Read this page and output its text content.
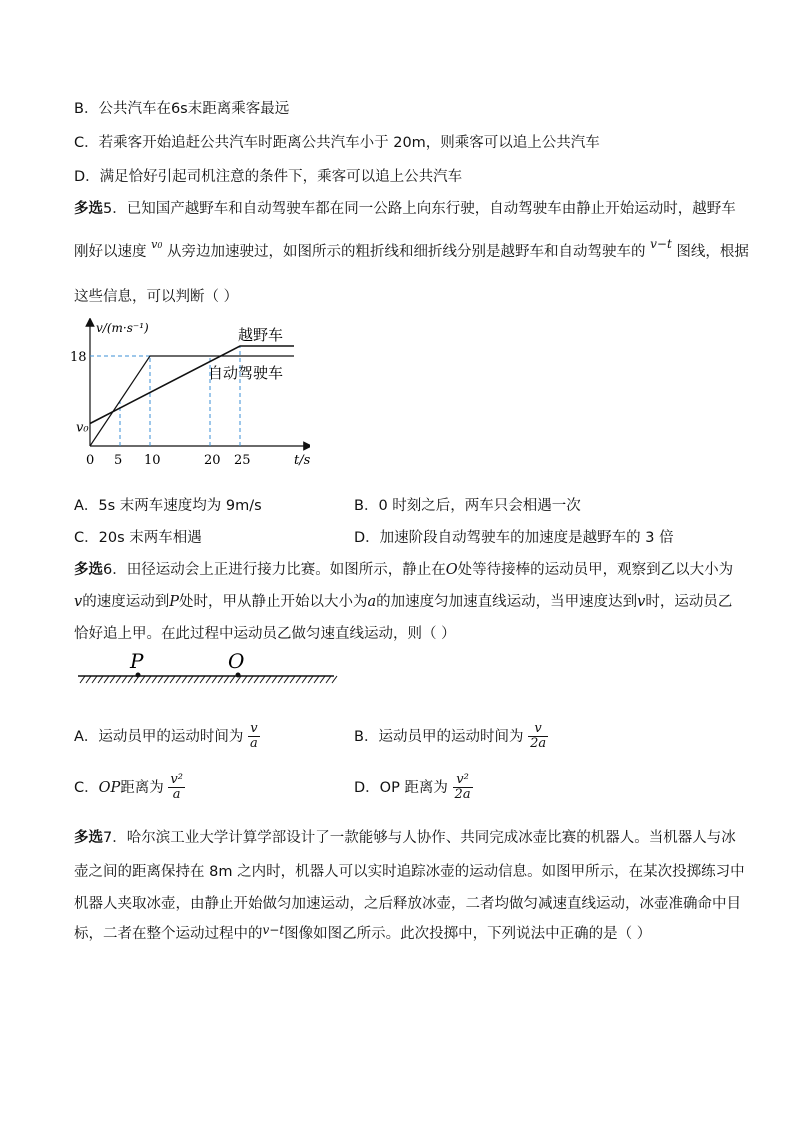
B．公共汽车在6s末距离乘客最远
C．若乘客开始追赶公共汽车时距离公共汽车小于 20m，则乘客可以追上公共汽车
D．满足恰好引起司机注意的条件下，乘客可以追上公共汽车
多选5．已知国产越野车和自动驾驶车都在同一公路上向东行驶，自动驾驶车由静止开始运动时，越野车
刚好以速度 $^{v0}$ 从旁边加速驶过，如图所示的粗折线和细折线分别是越野车和自动驾驶车的 $^{v-t}$ 图线，根据
这些信息，可以判断（ ）
越野车
自动驾驶车
v/(m·s⁻¹)
t/s
0 5 10	20 25
18
v₀
A．5s 末两车速度均为 9m/s	B．0 时刻之后，两车只会相遇一次
C．20s 末两车相遇	D．加速阶段自动驾驶车的加速度是越野车的 3 倍
多选6．田径运动会上正进行接力比赛。如图所示，静止在O处等待接棒的运动员甲，观察到乙以大小为
v的速度运动到P处时，甲从静止开始以大小为a的加速度匀加速直线运动，当甲速度达到v时，运动员乙
恰好追上甲。在此过程中运动员乙做匀速直线运动，则（ ）
P	O
A．运动员甲的运动时间为 $\frac{v}{a}$	B．运动员甲的运动时间为 $\frac{v}{2a}$
C．OP距离为 $\frac{\text{v²}}{a}$	D．OP 距离为 $\frac{\text{v²}}{2a}$
多选7．哈尔滨工业大学计算学部设计了一款能够与人协作、共同完成冰壶比赛的机器人。当机器人与冰
壶之间的距离保持在 8m 之内时，机器人可以实时追踪冰壶的运动信息。如图甲所示，在某次投掷练习中
机器人夹取冰壶，由静止开始做匀加速运动，之后释放冰壶，二者均做匀减速直线运动，冰壶准确命中目
标，二者在整个运动过程中的$^{v-t}$图像如图乙所示。此次投掷中，下列说法中正确的是（ ）
